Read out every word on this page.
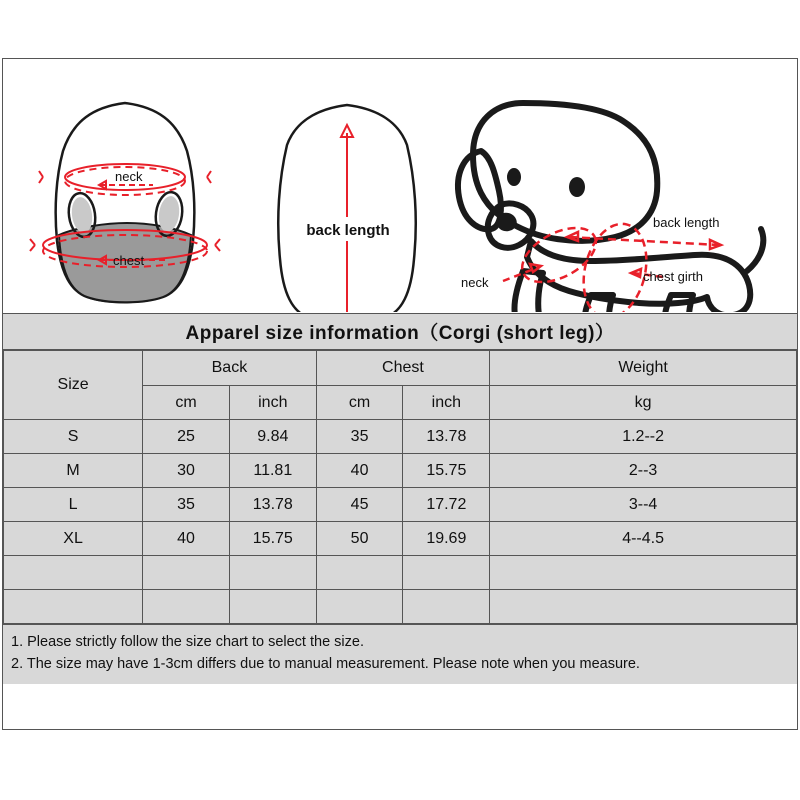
neck
chest
back length
neck	chest girth
back length
Apparel size information（Corgi (short leg)）
Size	Back		Chest		Weight
	cm	inch	cm	inch	kg
S	25	9.84	35	13.78	1.2--2
M	30	11.81	40	15.75	2--3
L	35	13.78	45	17.72	3--4
XL	40	15.75	50	19.69	4--4.5

1. Please strictly follow the size chart to select the size.
2. The size may have 1-3cm differs due to manual measurement. Please note when you measure.
